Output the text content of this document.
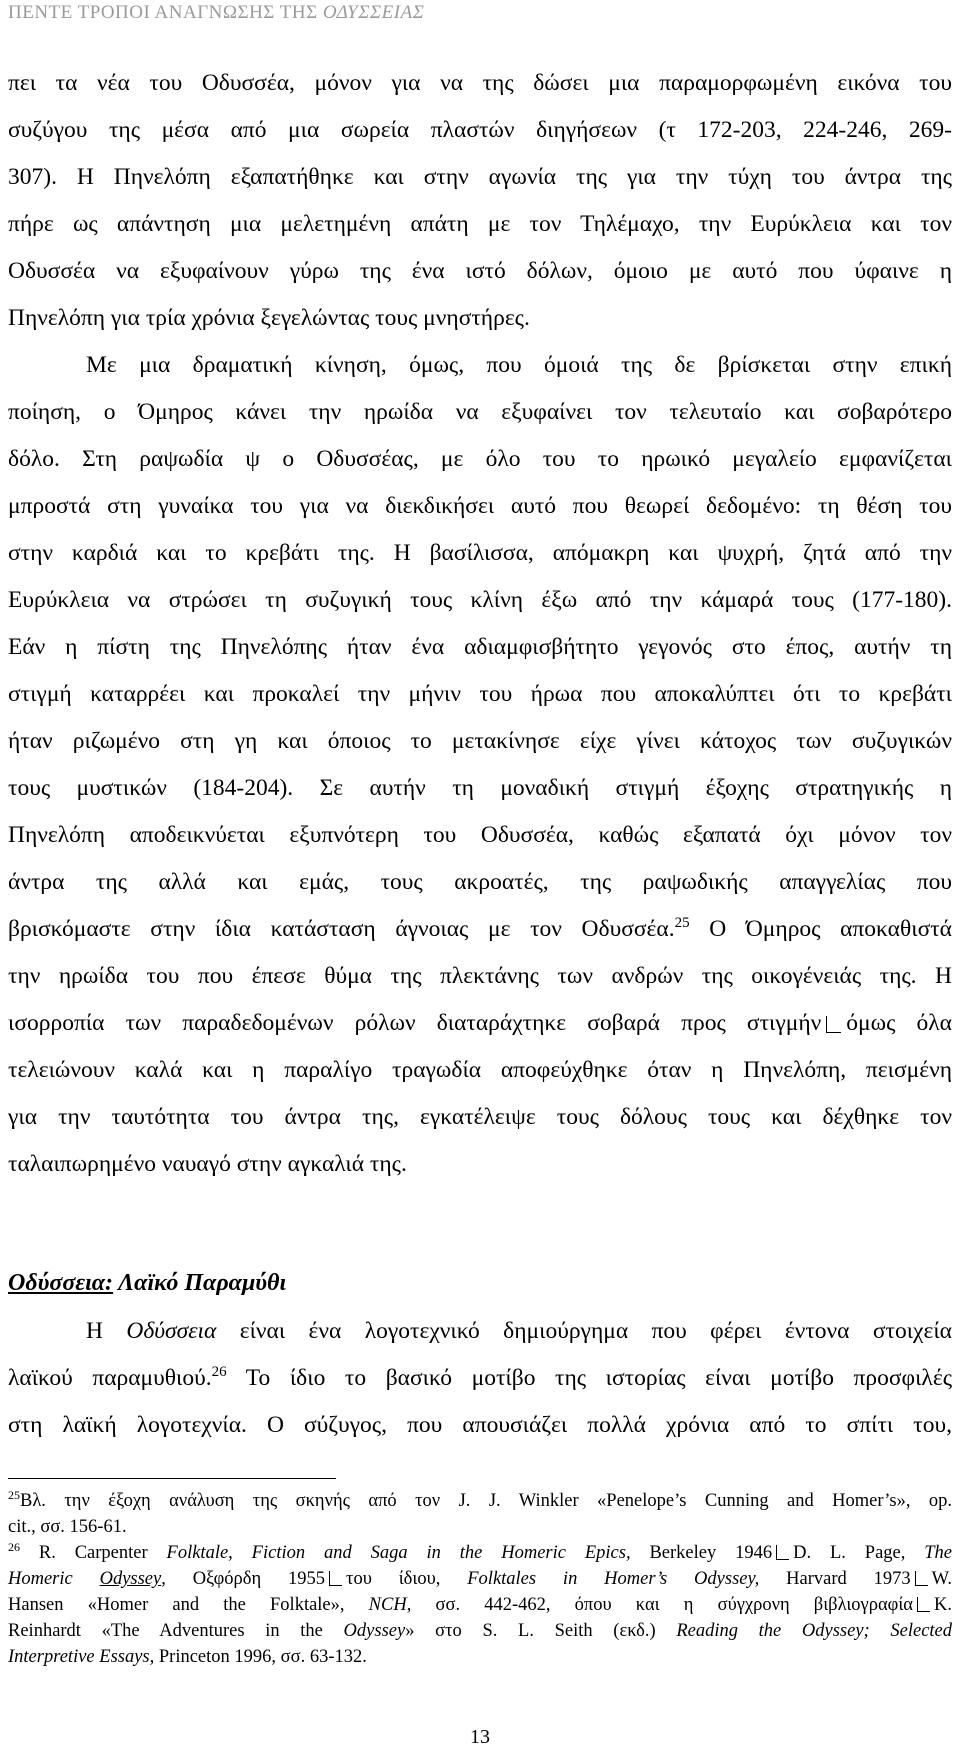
ΠΕΝΤΕ ΤΡΟΠΟΙ ΑΝΑΓΝΩΣΗΣ ΤΗΣ ΟΔΥΣΣΕΙΑΣ
πει τα νέα του Οδυσσέα, μόνον για να της δώσει μια παραμορφωμένη εικόνα του
συζύγου της μέσα από μια σωρεία πλαστών διηγήσεων (τ 172-203, 224-246, 269-
307). Η Πηνελόπη εξαπατήθηκε και στην αγωνία της για την τύχη του άντρα της
πήρε ως απάντηση μια μελετημένη απάτη με τον Τηλέμαχο, την Ευρύκλεια και τον
Οδυσσέα να εξυφαίνουν γύρω της ένα ιστό δόλων, όμοιο με αυτό που ύφαινε η
Πηνελόπη για τρία χρόνια ξεγελώντας τους μνηστήρες.
Με μια δραματική κίνηση, όμως, που όμοιά της δε βρίσκεται στην επική
ποίηση, ο Όμηρος κάνει την ηρωίδα να εξυφαίνει τον τελευταίο και σοβαρότερο
δόλο. Στη ραψωδία ψ ο Οδυσσέας, με όλο του το ηρωικό μεγαλείο εμφανίζεται
μπροστά στη γυναίκα του για να διεκδικήσει αυτό που θεωρεί δεδομένο: τη θέση του
στην καρδιά και το κρεβάτι της. Η βασίλισσα, απόμακρη και ψυχρή, ζητά από την
Ευρύκλεια να στρώσει τη συζυγική τους κλίνη έξω από την κάμαρά τους (177-180).
Εάν η πίστη της Πηνελόπης ήταν ένα αδιαμφισβήτητο γεγονός στο έπος, αυτήν τη
στιγμή καταρρέει και προκαλεί την μήνιν του ήρωα που αποκαλύπτει ότι το κρεβάτι
ήταν ριζωμένο στη γη και όποιος το μετακίνησε είχε γίνει κάτοχος των συζυγικών
τους μυστικών (184-204). Σε αυτήν τη μοναδική στιγμή έξοχης στρατηγικής η
Πηνελόπη αποδεικνύεται εξυπνότερη του Οδυσσέα, καθώς εξαπατά όχι μόνον τον
άντρα της αλλά και εμάς, τους ακροατές, της ραψωδικής απαγγελίας που
βρισκόμαστε στην ίδια κατάσταση άγνοιας με τον Οδυσσέα.$^{25}$ Ο Όμηρος αποκαθιστά
την ηρωίδα του που έπεσε θύμα της πλεκτάνης των ανδρών της οικογένειάς της. Η
ισορροπία των παραδεδομένων ρόλων διαταράχτηκε σοβαρά προς στιγμήν όμως όλα
τελειώνουν καλά και η παραλίγο τραγωδία αποφεύχθηκε όταν η Πηνελόπη, πεισμένη
για την ταυτότητα του άντρα της, εγκατέλειψε τους δόλους τους και δέχθηκε τον
ταλαιπωρημένο ναυαγό στην αγκαλιά της.
Οδύσσεια: Λαϊκό Παραμύθι
Η Οδύσσεια είναι ένα λογοτεχνικό δημιούργημα που φέρει έντονα στοιχεία
λαϊκού παραμυθιού.$^{26}$ Το ίδιο το βασικό μοτίβο της ιστορίας είναι μοτίβο προσφιλές
στη λαϊκή λογοτεχνία. Ο σύζυγος, που απουσιάζει πολλά χρόνια από το σπίτι του,
$^{25}$Βλ. την έξοχη ανάλυση της σκηνής από τον J. J. Winkler «Penelope’s Cunning and Homer’s», op.
cit., σσ. 156-61.
$^{26}$ R. Carpenter Folktale, Fiction and Saga in the Homeric Epics, Berkeley 1946 D. L. Page, The
Homeric Odyssey, Οξφόρδη 1955 του ίδιου, Folktales in Homer’s Odyssey, Harvard 1973 W.
Hansen «Homer and the Folktale», NCH, σσ. 442-462, όπου και η σύγχρονη βιβλιογραφία K.
Reinhardt «The Adventures in the Odyssey» στο S. L. Seith (εκδ.) Reading the Odyssey; Selected
Interpretive Essays, Princeton 1996, σσ. 63-132.
13
